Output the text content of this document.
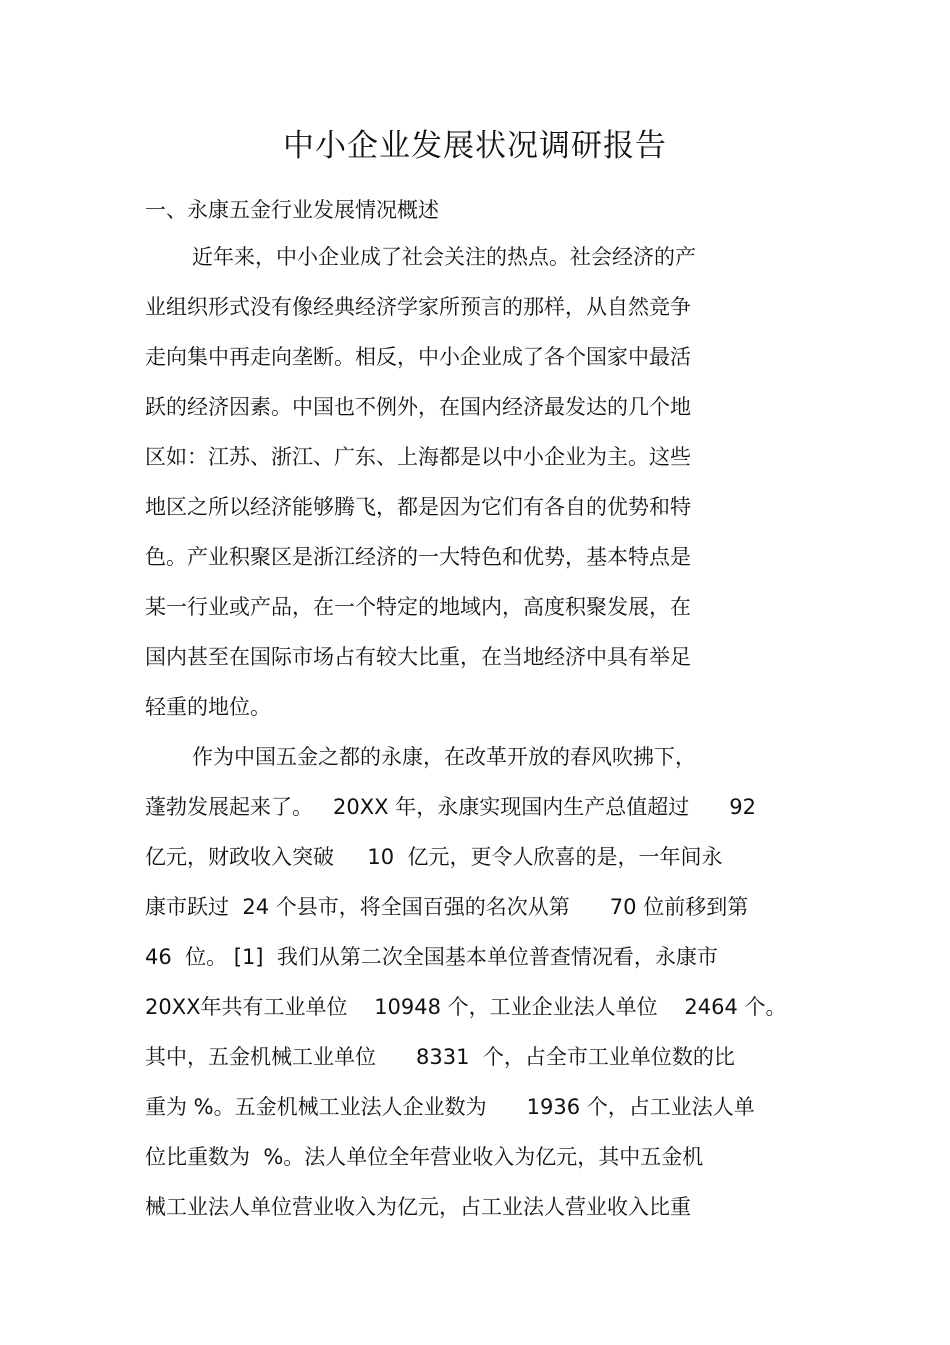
中小企业发展状况调研报告
一、永康五金行业发展情况概述
近年来，中小企业成了社会关注的热点。社会经济的产
业组织形式没有像经典经济学家所预言的那样，从自然竞争
走向集中再走向垄断。相反，中小企业成了各个国家中最活
跃的经济因素。中国也不例外，在国内经济最发达的几个地
区如：江苏、浙江、广东、上海都是以中小企业为主。这些
地区之所以经济能够腾飞，都是因为它们有各自的优势和特
色。产业积聚区是浙江经济的一大特色和优势，基本特点是
某一行业或产品，在一个特定的地域内，高度积聚发展，在
国内甚至在国际市场占有较大比重，在当地经济中具有举足
轻重的地位。
作为中国五金之都的永康，在改革开放的春风吹拂下，
蓬勃发展起来了。   20XX 年，永康实现国内生产总值超过      92
亿元，财政收入突破     10  亿元，更令人欣喜的是，一年间永
康市跃过  24 个县市，将全国百强的名次从第      70 位前移到第
46  位。 [1]  我们从第二次全国基本单位普查情况看，永康市
20XX年共有工业单位    10948 个，工业企业法人单位    2464 个。
其中，五金机械工业单位      8331  个，占全市工业单位数的比
重为 %。五金机械工业法人企业数为      1936 个，占工业法人单
位比重数为  %。法人单位全年营业收入为亿元，其中五金机
械工业法人单位营业收入为亿元，占工业法人营业收入比重
